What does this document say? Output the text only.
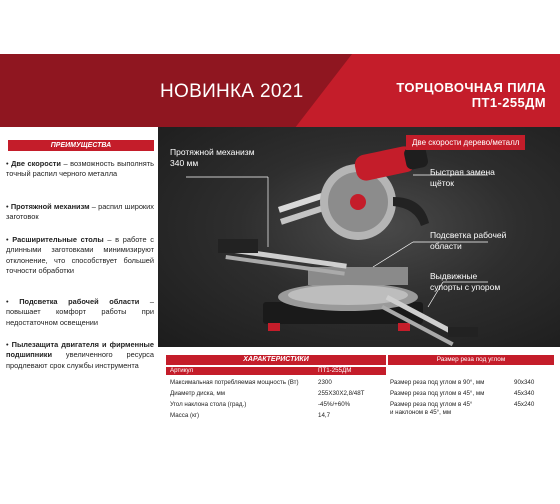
НОВИНКА 2021	ТОРЦОВОЧНАЯ ПИЛА
ПТ1-255ДМ
ПРЕИМУЩЕСТВА
• Две скорости – возможность выполнять точный распил черного металла
• Протяжной механизм – распил широких заготовок
• Расширительные столы – в работе с длинными заготовками минимизируют отклонение, что способствует большей точности обработки
• Подсветка рабочей области – повышает комфорт работы при недостаточном освещении
• Пылезащита двигателя и фирменные подшипники увеличенного ресурса продлевают срок службы инструмента
Две скорости дерево/металл
Протяжной механизм
340 мм
Быстрая замена
щёток
Подсветка рабочей
области
Выдвижные
супорты с упором
ХАРАКТЕРИСТИКИ	Размер реза под углом
Артикул	ПТ1-255ДМ
Максимальная потребляемая мощность (Вт)	2300
Диаметр диска, мм	255Х30Х2,8/48Т
Угол наклона стола (град.)	-45%/+60%
Масса (кг)	14,7
Размер реза под углом в 90°, мм	90х340
Размер реза под углом в 45°, мм	45х340
Размер реза под углом в 45°
и наклоном в 45°, мм
45х240
